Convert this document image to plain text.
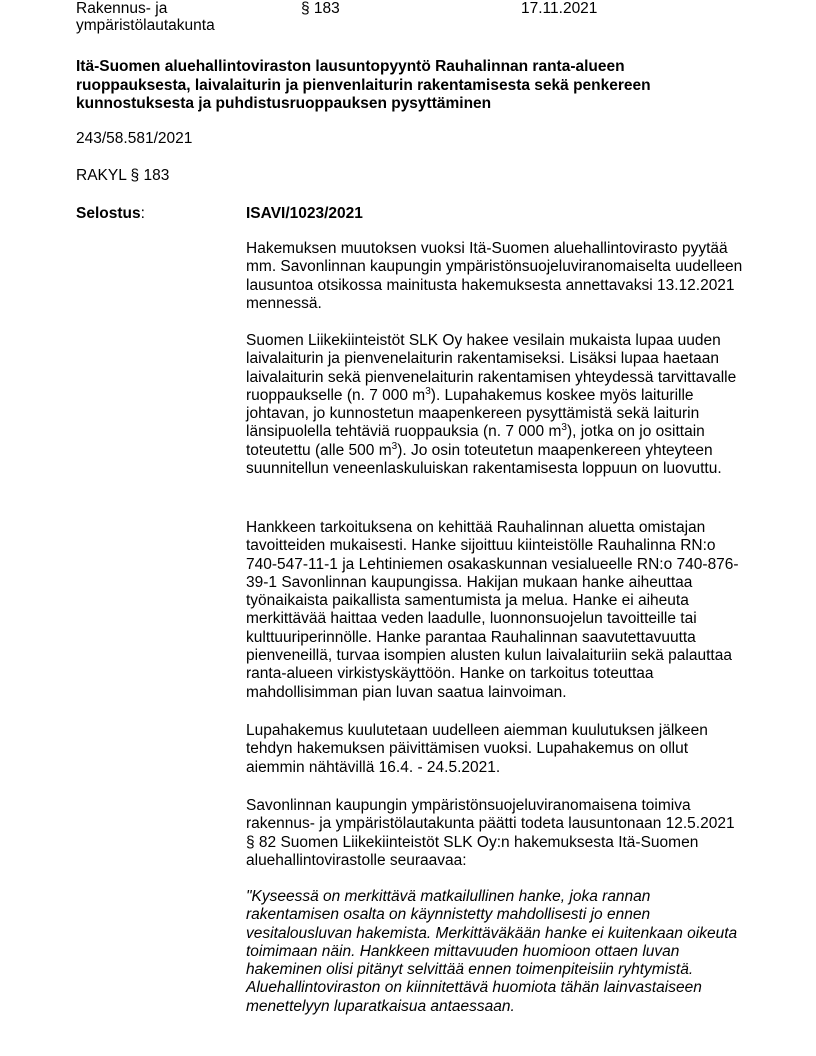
Rakennus- ja ympäristölautakunta
§ 183	17.11.2021
Itä-Suomen aluehallintoviraston lausuntopyyntö Rauhalinnan ranta-alueen ruoppauksesta, laivalaiturin ja pienvenlaiturin rakentamisesta sekä penkereen kunnostuksesta ja puhdistusruoppauksen pysyttäminen
243/58.581/2021
RAKYL § 183
Selostus:	ISAVI/1023/2021

Hakemuksen muutoksen vuoksi Itä-Suomen aluehallintovirasto pyytää mm. Savonlinnan kaupungin ympäristönsuojeluviranomaiselta uudelleen lausuntoa otsikossa mainitusta hakemuksesta annettavaksi 13.12.2021 mennessä.

Suomen Liikekiinteistöt SLK Oy hakee vesilain mukaista lupaa uuden laivalaiturin ja pienvenelaiturin rakentamiseksi. Lisäksi lupaa haetaan laivalaiturin sekä pienvenelaiturin rakentamisen yhteydessä tarvittavalle ruoppaukselle (n. 7 000 $m^3$). Lupahakemus koskee myös laiturille johtavan, jo kunnostetun maapenkereen pysyttämistä sekä laiturin länsipuolella tehtäviä ruoppauksia (n. 7 000 $m^3$), jotka on jo osittain toteutettu (alle 500 $m^3$). Jo osin toteutetun maapenkereen yhteyteen suunnitellun veneenlaskuluiskan rakentamisesta loppuun on luovuttu.

Hankkeen tarkoituksena on kehittää Rauhalinnan aluetta omistajan tavoitteiden mukaisesti. Hanke sijoittuu kiinteistölle Rauhalinna RN:o 740-547-11-1 ja Lehtiniemen osakaskunnan vesialueelle RN:o 740-876-39-1 Savonlinnan kaupungissa. Hakijan mukaan hanke aiheuttaa työnaikaista paikallista samentumista ja melua. Hanke ei aiheuta merkittävää haittaa veden laadulle, luonnonsuojelun tavoitteille tai kulttuuriperinnölle. Hanke parantaa Rauhalinnan saavutettavuutta pienveneillä, turvaa isompien alusten kulun laivalaituriin sekä palauttaa ranta-alueen virkistyskäyttöön. Hanke on tarkoitus toteuttaa mahdollisimman pian luvan saatua lainvoiman.

Lupahakemus kuulutetaan uudelleen aiemman kuulutuksen jälkeen tehdyn hakemuksen päivittämisen vuoksi. Lupahakemus on ollut aiemmin nähtävillä 16.4. - 24.5.2021.

Savonlinnan kaupungin ympäristönsuojeluviranomaisena toimiva rakennus- ja ympäristölautakunta päätti todeta lausuntonaan 12.5.2021 § 82 Suomen Liikekiinteistöt SLK Oy:n hakemuksesta Itä-Suomen aluehallintovirastolle seuraavaa:

"Kyseessä on merkittävä matkailullinen hanke, joka rannan rakentamisen osalta on käynnistetty mahdollisesti jo ennen vesitalousluvan hakemista. Merkittäväkään hanke ei kuitenkaan oikeuta toimimaan näin. Hankkeen mittavuuden huomioon ottaen luvan hakeminen olisi pitänyt selvittää ennen toimenpiteisiin ryhtymistä. Aluehallintoviraston on kiinnitettävä huomiota tähän lainvastaiseen menettelyyn luparatkaisua antaessaan.
